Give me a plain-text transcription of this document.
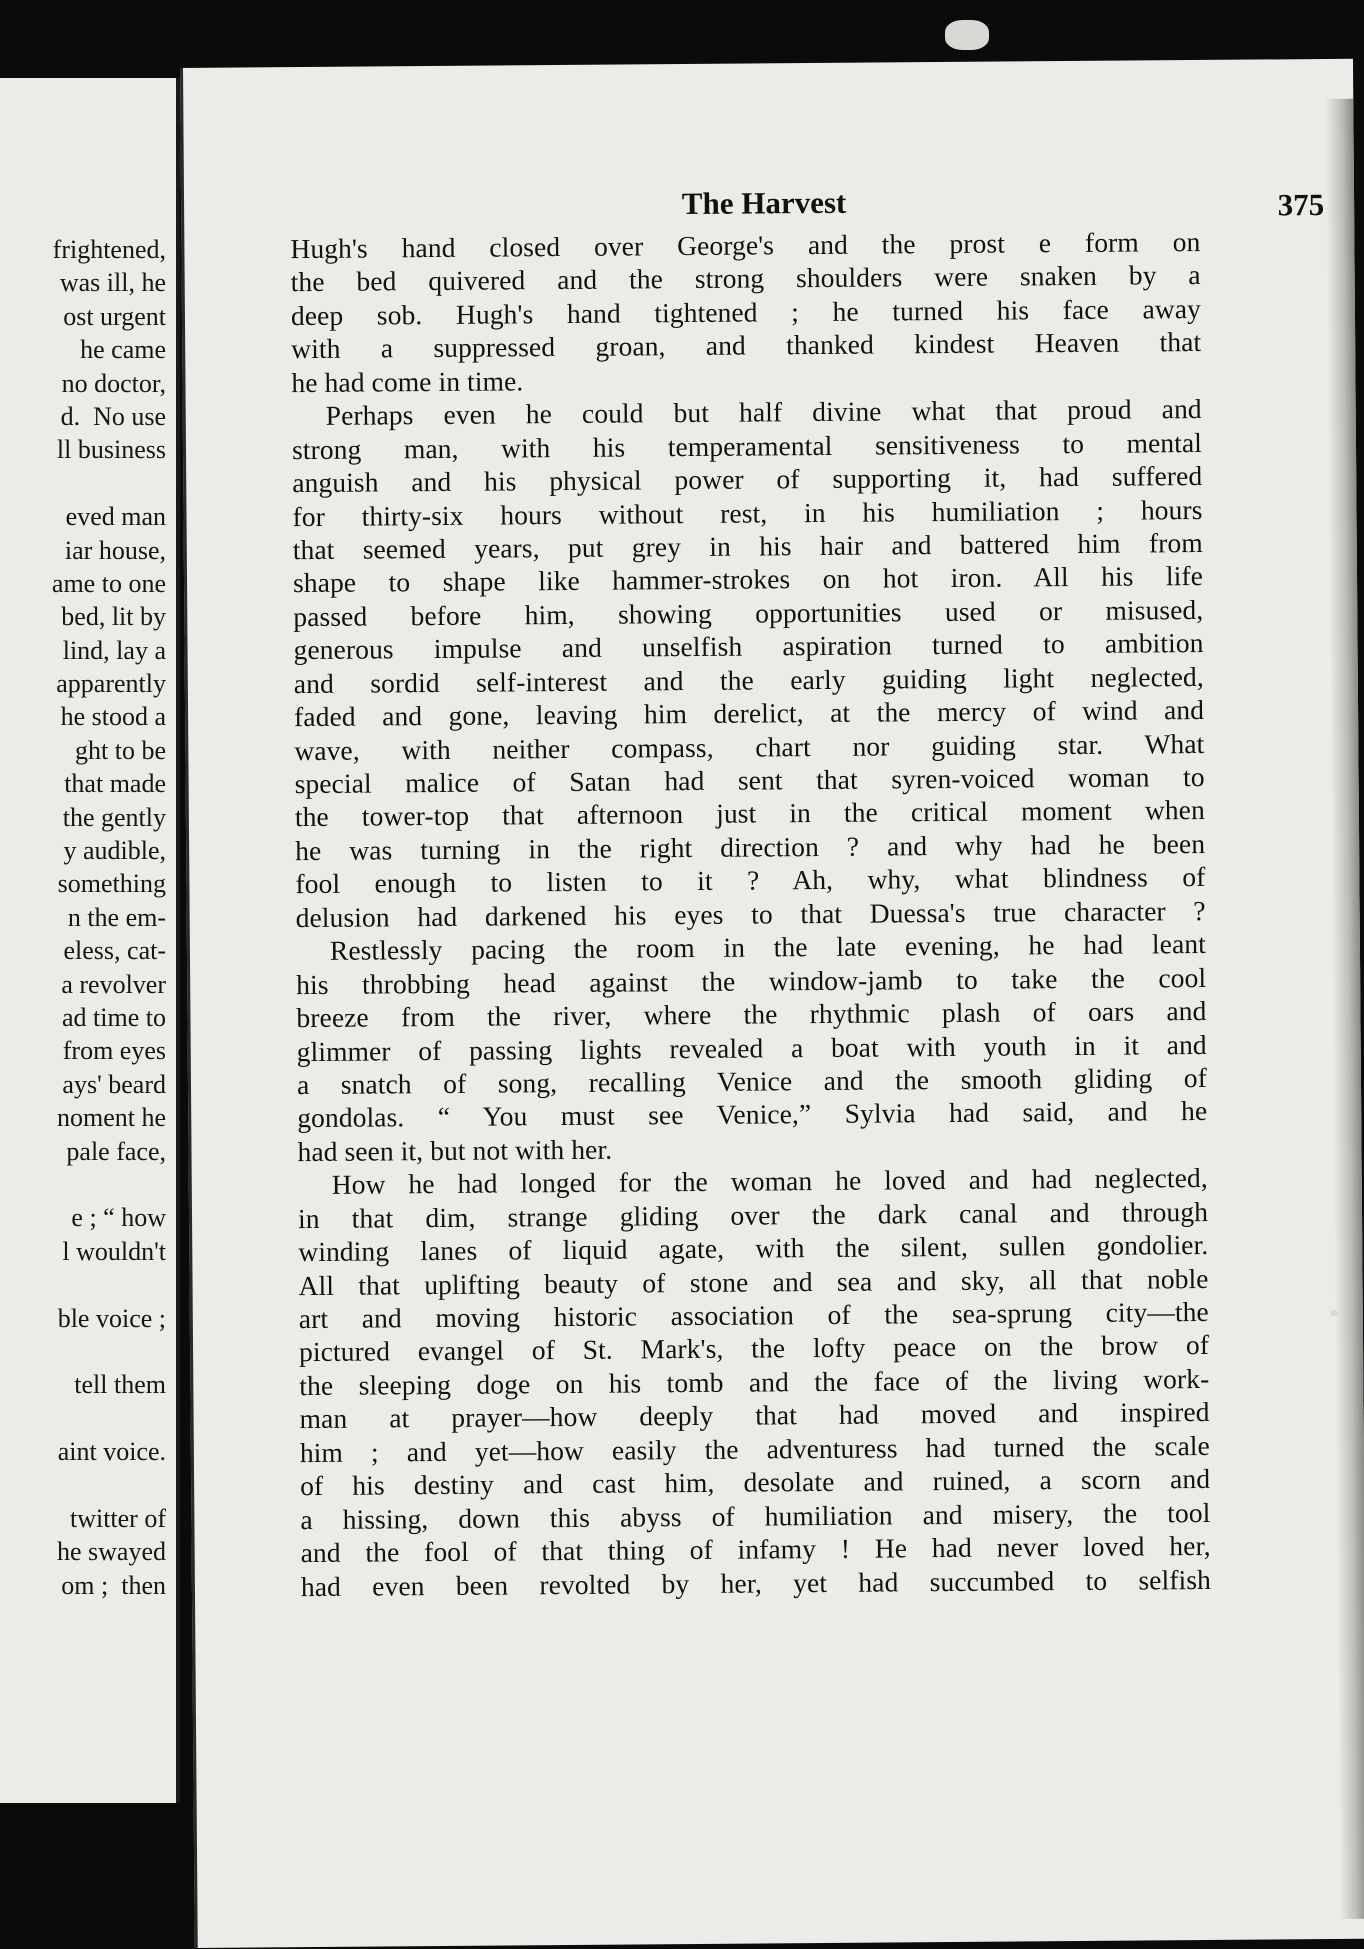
frightened,
was ill, he
ost urgent
he came
no doctor,
d.  No use
ll business
eved man
iar house,
ame to one
bed, lit by
lind, lay a
apparently
he stood a
ght to be
that made
the gently
y audible,
something
n the em-
eless, cat-
a revolver
ad time to
from eyes
ays' beard
noment he
pale face,
e ; “ how
l wouldn't
ble voice ;
tell them
aint voice.
twitter of
he swayed
om ;  then
The Harvest	375
Hugh's hand closed over George's and the prost e form on
the bed quivered and the strong shoulders were snaken by a
deep sob. Hugh's hand tightened ; he turned his face away
with a suppressed groan, and thanked kindest Heaven that
he had come in time.
Perhaps even he could but half divine what that proud and
strong man, with his temperamental sensitiveness to mental
anguish and his physical power of supporting it, had suffered
for thirty-six hours without rest, in his humiliation ; hours
that seemed years, put grey in his hair and battered him from
shape to shape like hammer-strokes on hot iron. All his life
passed before him, showing opportunities used or misused,
generous impulse and unselfish aspiration turned to ambition
and sordid self-interest and the early guiding light neglected,
faded and gone, leaving him derelict, at the mercy of wind and
wave, with neither compass, chart nor guiding star. What
special malice of Satan had sent that syren-voiced woman to
the tower-top that afternoon just in the critical moment when
he was turning in the right direction ? and why had he been
fool enough to listen to it ? Ah, why, what blindness of
delusion had darkened his eyes to that Duessa's true character ?
Restlessly pacing the room in the late evening, he had leant
his throbbing head against the window-jamb to take the cool
breeze from the river, where the rhythmic plash of oars and
glimmer of passing lights revealed a boat with youth in it and
a snatch of song, recalling Venice and the smooth gliding of
gondolas. “ You must see Venice,” Sylvia had said, and he
had seen it, but not with her.
How he had longed for the woman he loved and had neglected,
in that dim, strange gliding over the dark canal and through
winding lanes of liquid agate, with the silent, sullen gondolier.
All that uplifting beauty of stone and sea and sky, all that noble
art and moving historic association of the sea-sprung city—the
pictured evangel of St. Mark's, the lofty peace on the brow of
the sleeping doge on his tomb and the face of the living work-
man at prayer—how deeply that had moved and inspired
him ; and yet—how easily the adventuress had turned the scale
of his destiny and cast him, desolate and ruined, a scorn and
a hissing, down this abyss of humiliation and misery, the tool
and the fool of that thing of infamy ! He had never loved her,
had even been revolted by her, yet had succumbed to selfish
